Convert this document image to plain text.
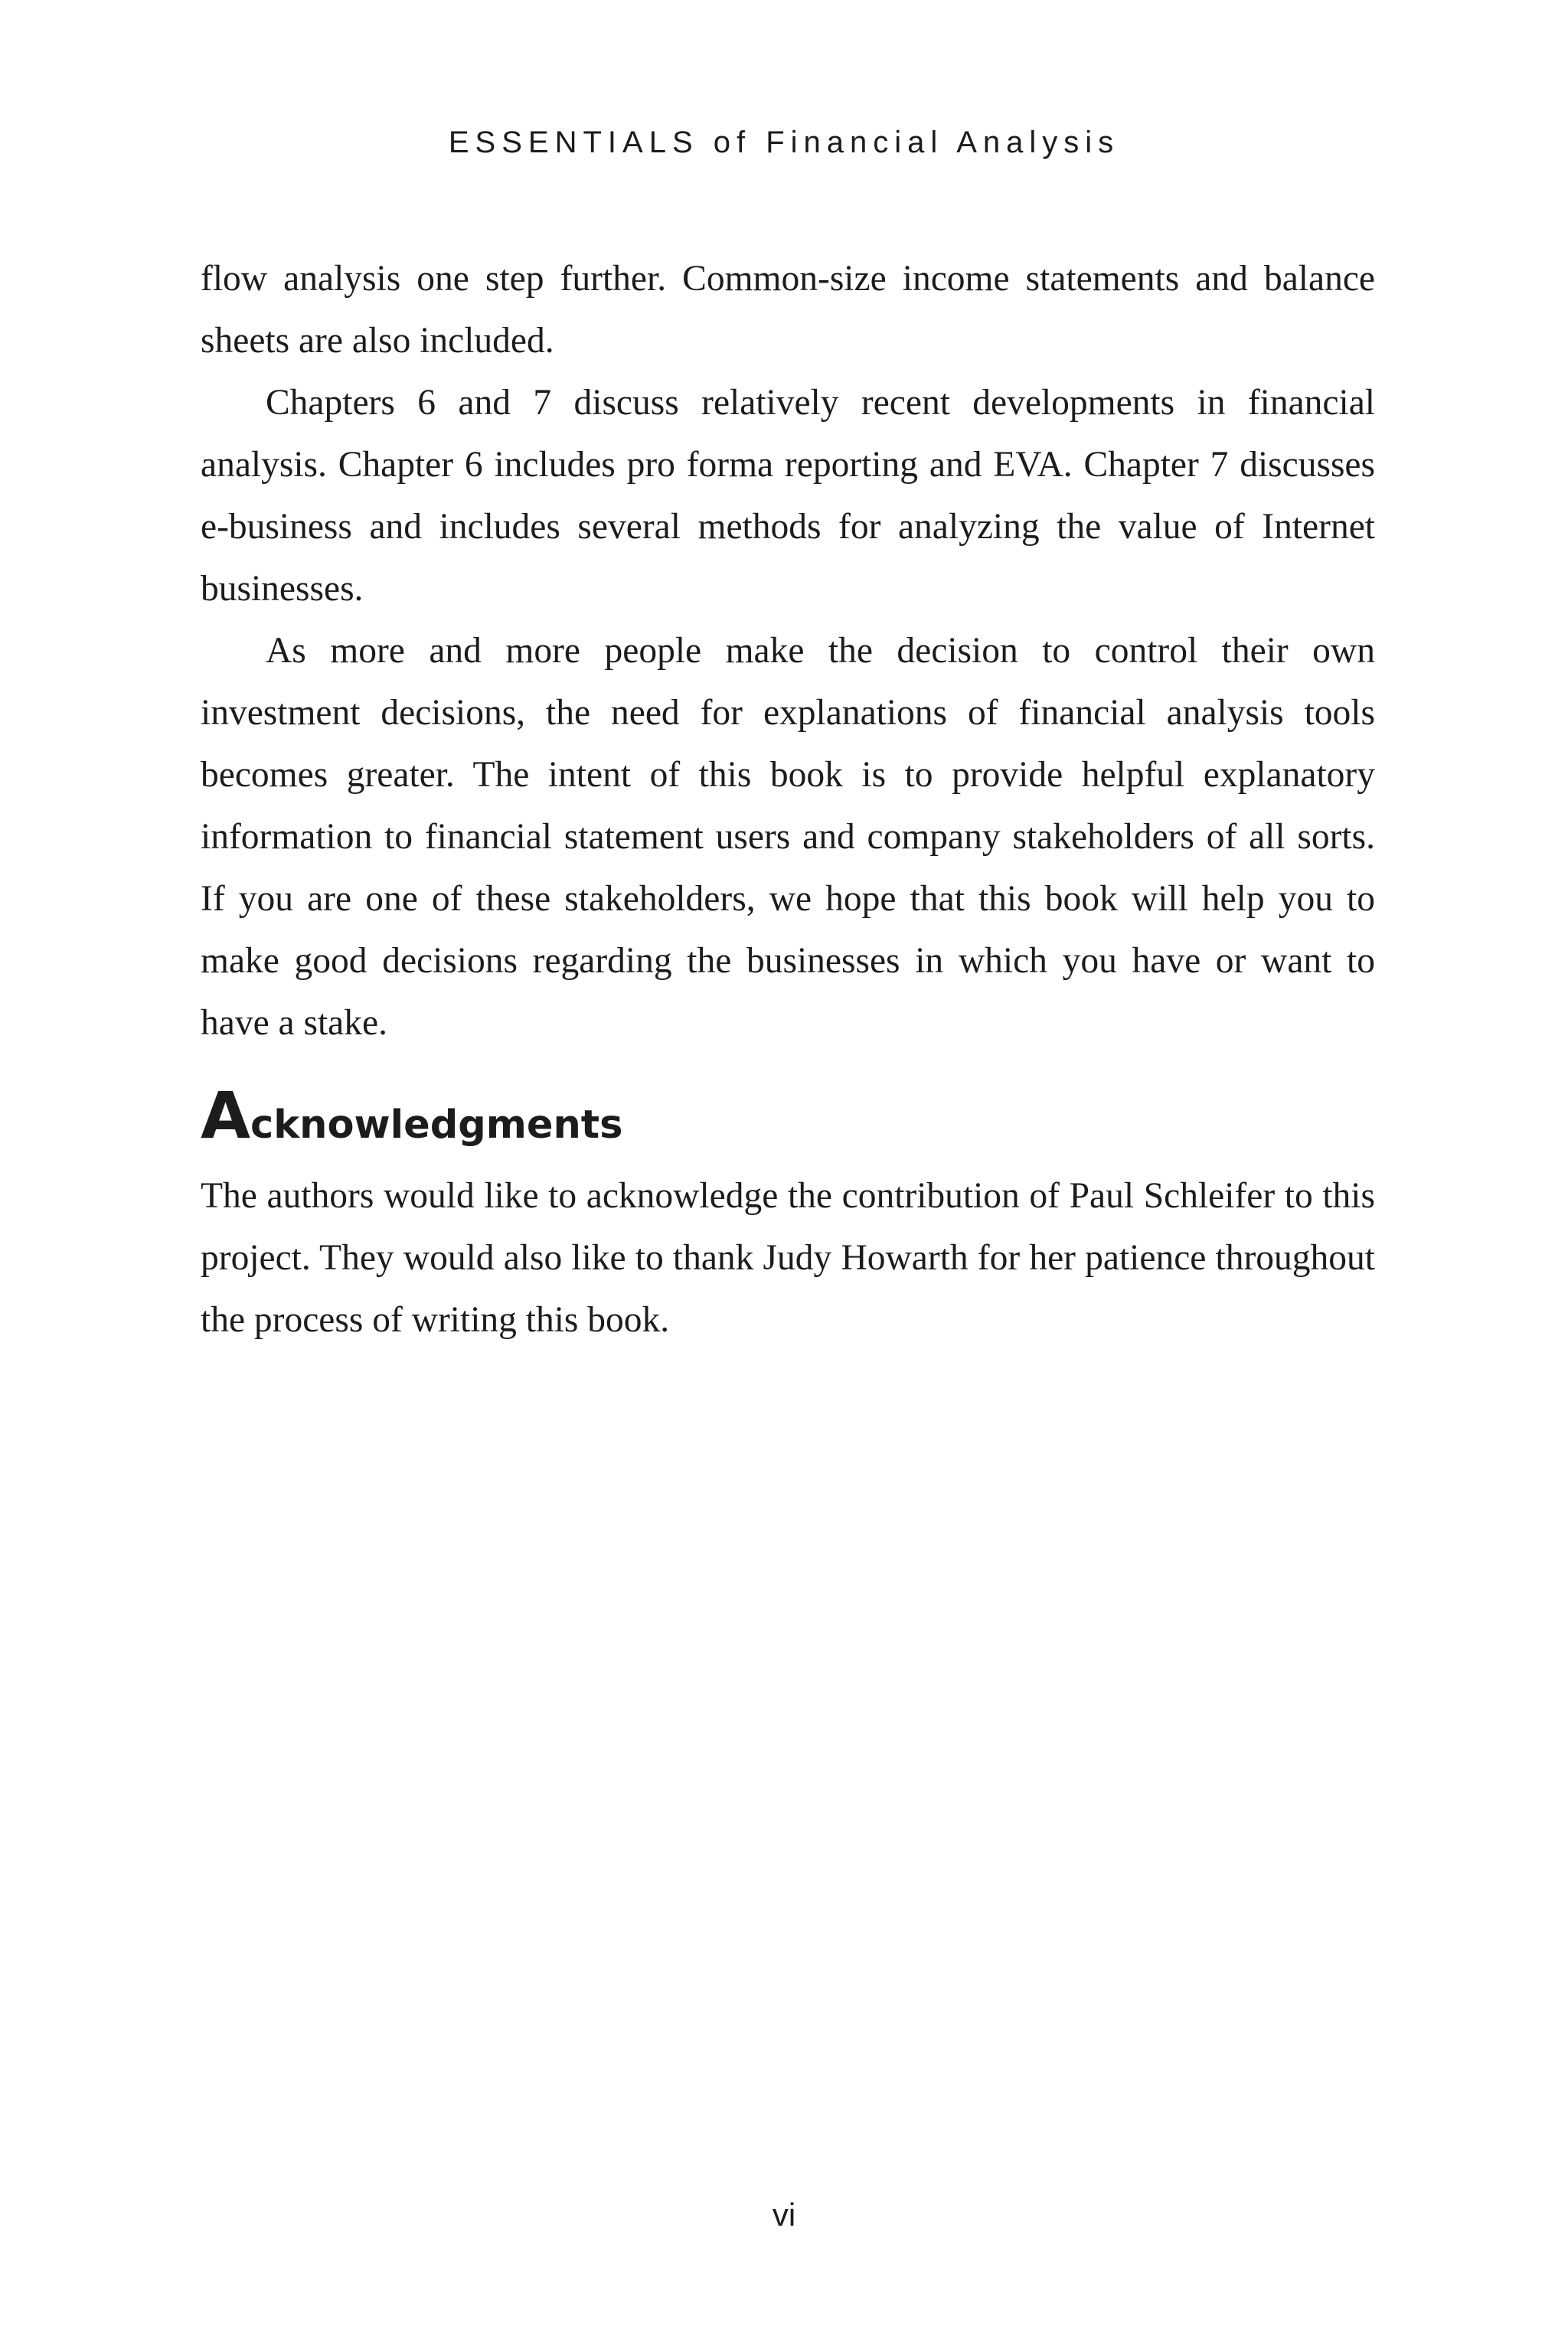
ESSENTIALS of Financial Analysis

flow analysis one step further. Common-size income statements and balance sheets are also included.

Chapters 6 and 7 discuss relatively recent developments in financial analysis. Chapter 6 includes pro forma reporting and EVA. Chapter 7 discusses e-business and includes several methods for analyzing the value of Internet businesses.

As more and more people make the decision to control their own investment decisions, the need for explanations of financial analysis tools becomes greater. The intent of this book is to provide helpful explanatory information to financial statement users and company stakeholders of all sorts. If you are one of these stakeholders, we hope that this book will help you to make good decisions regarding the businesses in which you have or want to have a stake.

Acknowledgments

The authors would like to acknowledge the contribution of Paul Schleifer to this project. They would also like to thank Judy Howarth for her patience throughout the process of writing this book.

vi
